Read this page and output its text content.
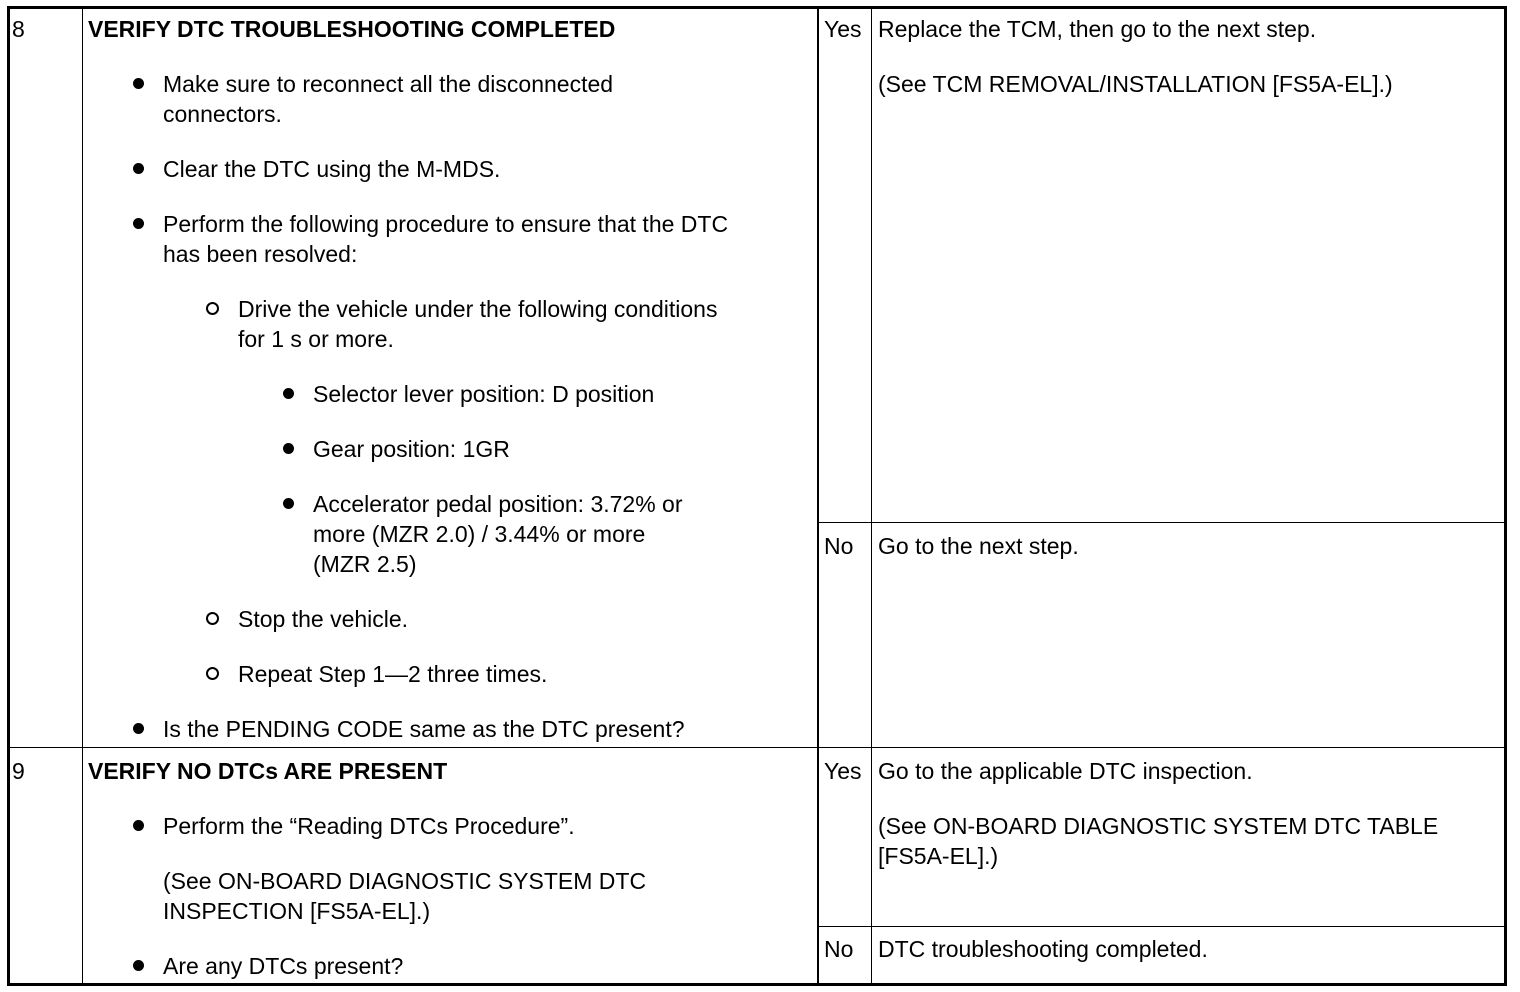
8	VERIFY DTC TROUBLESHOOTING COMPLETED
Make sure to reconnect all the disconnected
connectors.
Clear the DTC using the M-MDS.
Perform the following procedure to ensure that the DTC
has been resolved:
Drive the vehicle under the following conditions
for 1 s or more.
Selector lever position: D position
Gear position: 1GR
Accelerator pedal position: 3.72% or
more (MZR 2.0) / 3.44% or more
(MZR 2.5)
Stop the vehicle.
Repeat Step 1—2 three times.
Is the PENDING CODE same as the DTC present?
Yes Replace the TCM, then go to the next step.
(See TCM REMOVAL/INSTALLATION [FS5A-EL].)
No Go to the next step.
9	VERIFY NO DTCs ARE PRESENT
Perform the “Reading DTCs Procedure”.
(See ON-BOARD DIAGNOSTIC SYSTEM DTC
INSPECTION [FS5A-EL].)
Are any DTCs present?
Yes Go to the applicable DTC inspection.
(See ON-BOARD DIAGNOSTIC SYSTEM DTC TABLE
[FS5A-EL].)
No DTC troubleshooting completed.
